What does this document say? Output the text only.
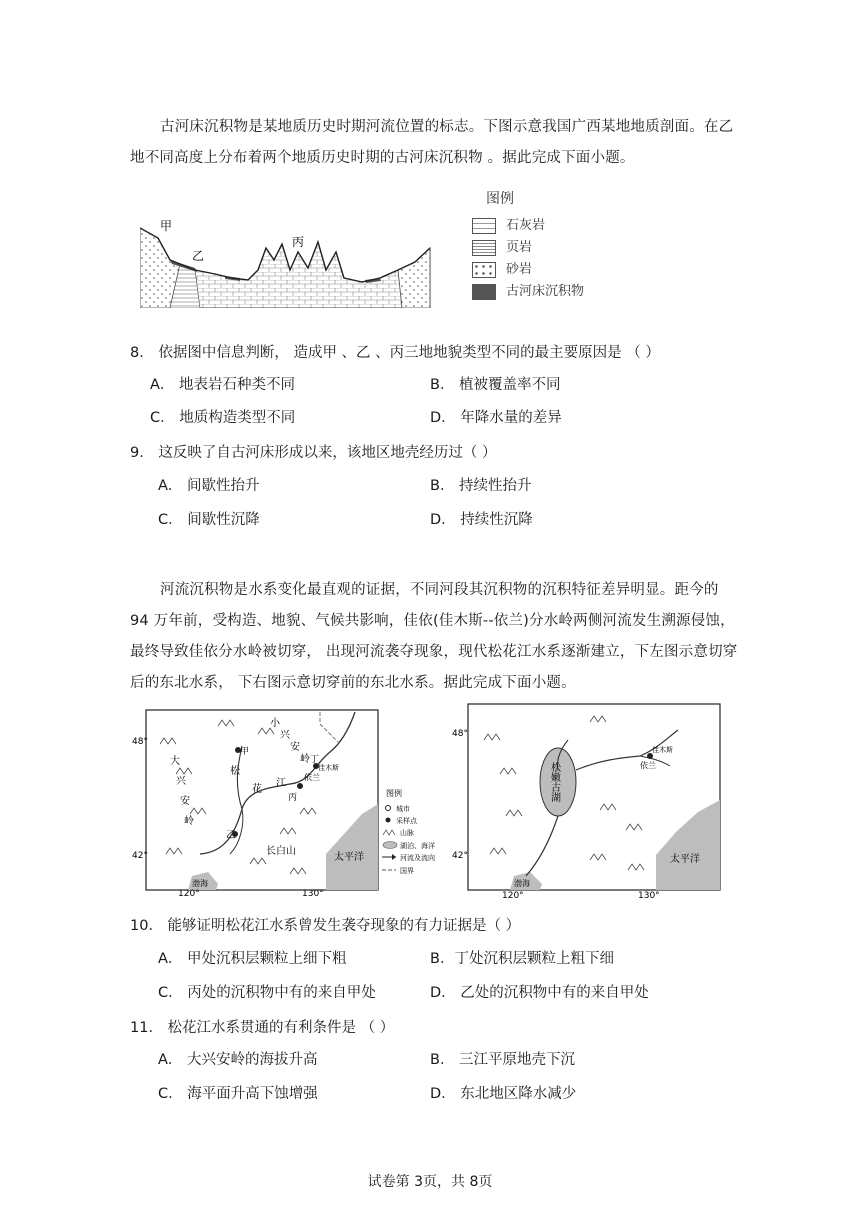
古河床沉积物是某地质历史时期河流位置的标志。下图示意我国广西某地地质剖面。在乙地不同高度上分布着两个地质历史时期的古河床沉积物 。据此完成下面小题。

甲
乙
丙
图例
石灰岩
页岩
砂岩
古河床沉积物

8． 依据图中信息判断， 造成甲 、乙 、丙三地地貌类型不同的最主要原因是 （ ）

A． 地表岩石种类不同	B． 植被覆盖率不同

C． 地质构造类型不同	D． 年降水量的差异

9． 这反映了自古河床形成以来，该地区地壳经历过（ ）

A． 间歇性抬升	B． 持续性抬升

C． 间歇性沉降	D． 持续性沉降

河流沉积物是水系变化最直观的证据，不同河段其沉积物的沉积特征差异明显。距今的 94 万年前，受构造、地貌、气候共影响，佳依(佳木斯--依兰)分水岭两侧河流发生溯源侵蚀，最终导致佳依分水岭被切穿， 出现河流袭夺现象，现代松花江水系逐渐建立，下左图示意切穿后的东北水系， 下右图示意切穿前的东北水系。据此完成下面小题。

48°
42°
120°	130°
甲
乙
丙
丁
依兰
佳木斯
松
花
江
大
兴
安
岭
小
兴
安
岭
长白山
渤海
太平洋
图例
城市
采样点
山脉
湖泊、海洋
河流及流向
国界
48°
42°
120°	130°
松嫩古湖
佳木斯
依兰
渤海
太平洋

10． 能够证明松花江水系曾发生袭夺现象的有力证据是（ ）

A． 甲处沉积层颗粒上细下粗	B．丁处沉积层颗粒上粗下细

C． 丙处的沉积物中有的来自甲处	D． 乙处的沉积物中有的来自甲处

11． 松花江水系贯通的有利条件是 （ ）

A． 大兴安岭的海拔升高	B． 三江平原地壳下沉

C． 海平面升高下蚀增强	D． 东北地区降水减少

试卷第 3页，共 8页
